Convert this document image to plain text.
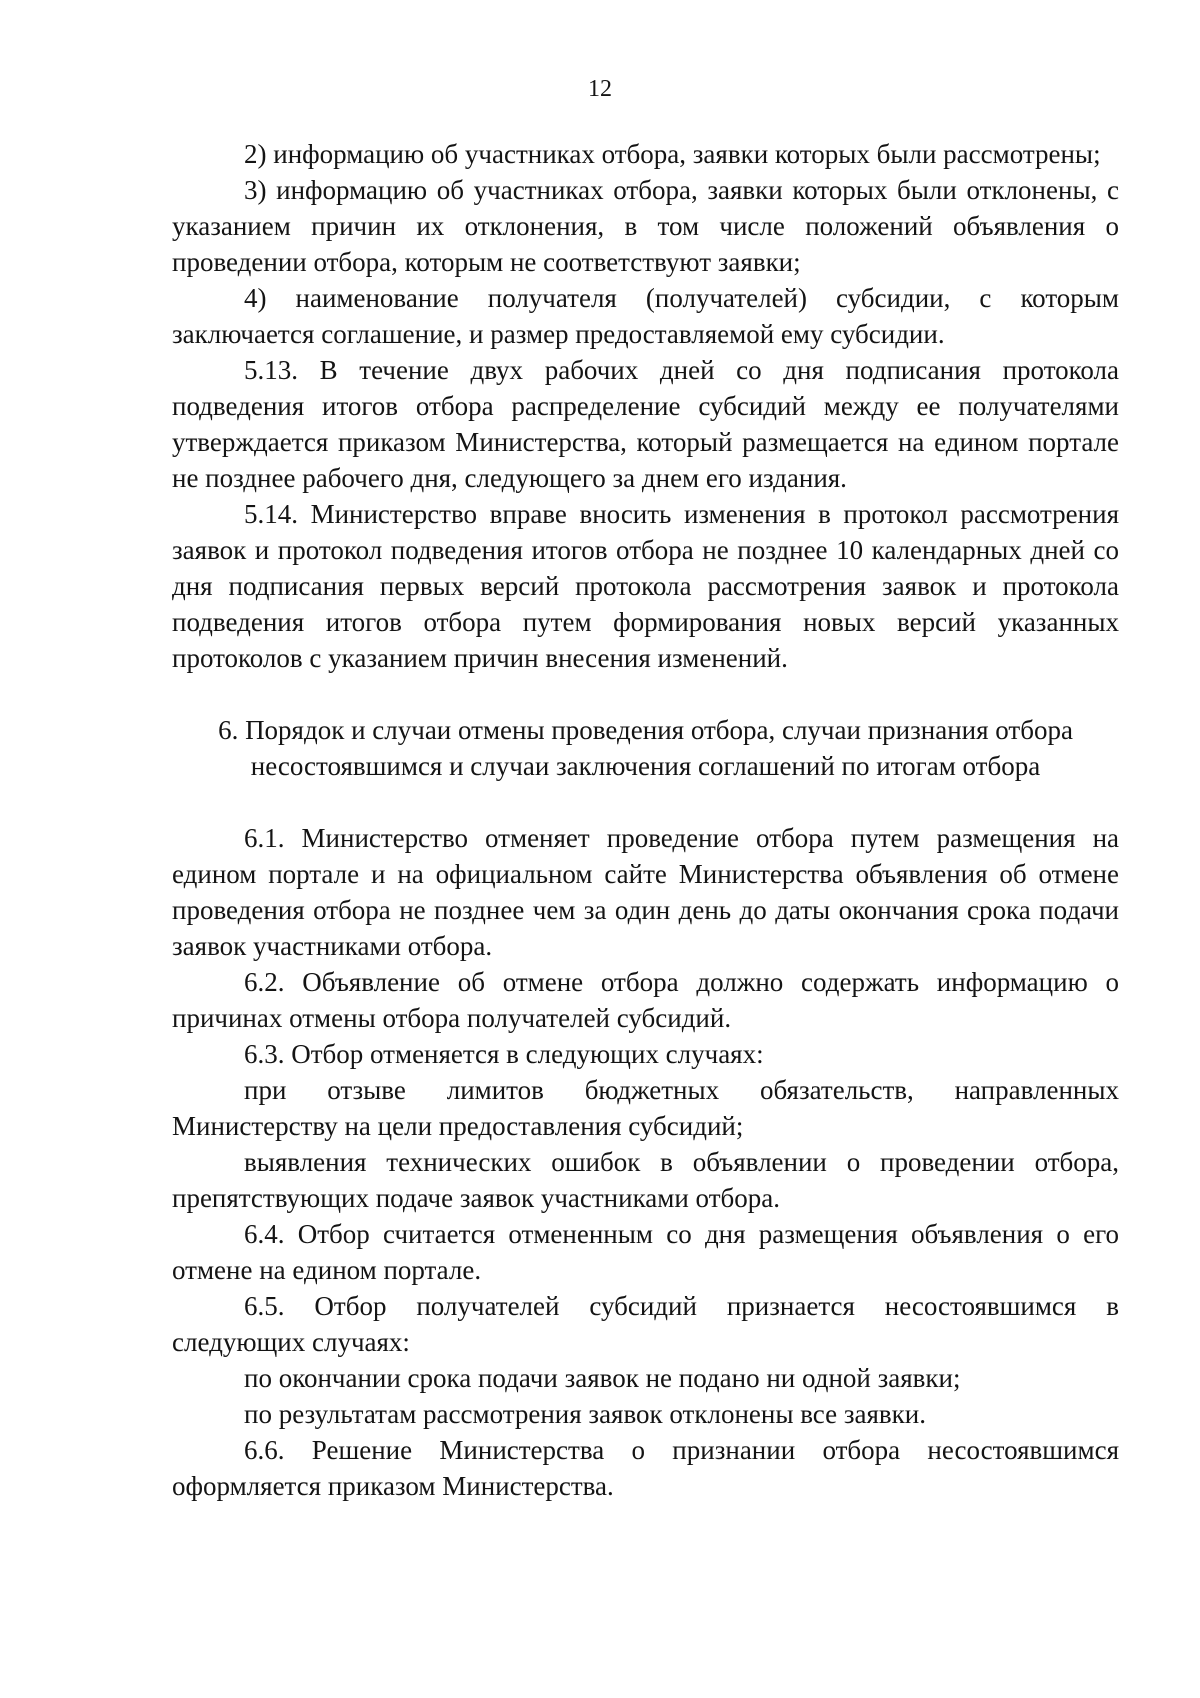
12

2) информацию об участниках отбора, заявки которых были рассмотрены;

3) информацию об участниках отбора, заявки которых были отклонены, с указанием причин их отклонения, в том числе положений объявления о проведении отбора, которым не соответствуют заявки;

4) наименование получателя (получателей) субсидии, с которым заключается соглашение, и размер предоставляемой ему субсидии.

5.13. В течение двух рабочих дней со дня подписания протокола подведения итогов отбора распределение субсидий между ее получателями утверждается приказом Министерства, который размещается на едином портале не позднее рабочего дня, следующего за днем его издания.

5.14. Министерство вправе вносить изменения в протокол рассмотрения заявок и протокол подведения итогов отбора не позднее 10 календарных дней со дня подписания первых версий протокола рассмотрения заявок и протокола подведения итогов отбора путем формирования новых версий указанных протоколов с указанием причин внесения изменений.

6. Порядок и случаи отмены проведения отбора, случаи признания отбора несостоявшимся и случаи заключения соглашений по итогам отбора

6.1. Министерство отменяет проведение отбора путем размещения на едином портале и на официальном сайте Министерства объявления об отмене проведения отбора не позднее чем за один день до даты окончания срока подачи заявок участниками отбора.

6.2. Объявление об отмене отбора должно содержать информацию о причинах отмены отбора получателей субсидий.

6.3. Отбор отменяется в следующих случаях:

при отзыве лимитов бюджетных обязательств, направленных Министерству на цели предоставления субсидий;

выявления технических ошибок в объявлении о проведении отбора, препятствующих подаче заявок участниками отбора.

6.4. Отбор считается отмененным со дня размещения объявления о его отмене на едином портале.

6.5. Отбор получателей субсидий признается несостоявшимся в следующих случаях:

по окончании срока подачи заявок не подано ни одной заявки;

по результатам рассмотрения заявок отклонены все заявки.

6.6. Решение Министерства о признании отбора несостоявшимся оформляется приказом Министерства.
